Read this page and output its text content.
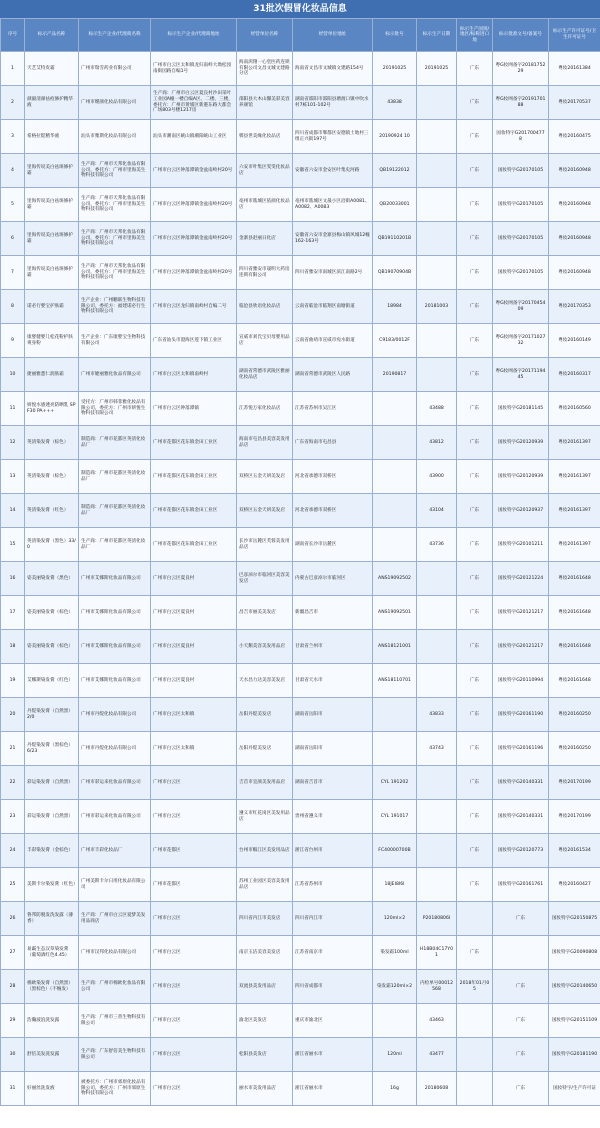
31批次假冒化妆品信息
序号	标示产品名称	标示生产企业/代理商名称	标示生产企业/代理商地址	经营单位名称	经营单位地址	标示批号	标示生产日期	标示生产国别/地区/标称进口地	标示批准文号/备案号	标示生产许可证号/卫生许可证号
1	天艺艾特皮霜	广州市瑞雪药业有限公司	广州市白云区太和镇龙归南岭大坳松园南街园路自编1号	海南鸿翔一心堂医药连锁有限公司文昌文城文建路分店	海南省文昌市文城镇文建路154号	20191025	20191025	广东	粤G妆网备字2018175229	粤妆20161384
2	颜毅清颜祛痘修护精华液	广州市嫒颜化妆品有限公司	生产商：广州市白云区夏良村沙田采叶工业园A幢一楼自编A区、二楼、三楼，委托方：广州市黄埔区新港东路大都会广场803号楼1217房	邵阳县大木山馨美彩美容养颜馆	湖南省邵阳市邵阳县塘渡口镇中吹水村7栋101-102号	43838		广东	粤G妆网备字2019170188	粤妆20170537
3	希格拉缇精华液	汕头市雅斯化妆品有限公司	汕头市潮南区峡山镇潮阳峡山工业区	郸县世美缘化妆品店	四川省成都市郸都区安德镇土地村三组正兴街197号	20190924 10		广东	国妆特字G2017004778	粤妆20160475
4	里海传说美白祛斑修护霜	生产商：广州市天邦化妆品有限公司，委托方：广州市里海美生物科技有限公司	广州市白云区钟落潭镇金盆南岭村20号	六安市叶集区雯雯化妆品店	安徽省六安市金安区叶集史河路	QB19122012		广东	国妆特字G20170105	粤妆20160948
5	里海传说美白祛斑修护霜	生产商：广州市天邦化妆品有限公司，委托方：广州市里海美生物科技有限公司	广州市白云区钟落潭镇金盆南岭村20号	亳州市谯城区依颜化妆品店	亳州市谯城区文晟小区沿街A0081、A0082、A0083	QB20033001		广东	国妆特字G20170105	粤妆20160948
6	里海传说美白祛斑修护霜	生产商：广州市天邦化妆品有限公司，委托方：广州市里海美生物科技有限公司	广州市白云区钟落潭镇金盆南岭村20号	金寨县赵丽日化店	安徽省六安市金寨县梅山镇风城12幢162-163号	QB19110201B		广东	国妆特字G20170105	粤妆20160948
7	里海传说美白祛斑修护霜	生产商：广州市天邦化妆品有限公司，委托方：广州市里海美生物科技有限公司	广州市白云区钟落潭镇金盆南岭村20号	四川省雅安市晟明大药房连锁有限公司	四川省雅安市雨城区滨江南路2号	QB19070904B		广东	国妆特字G20170105	粤妆20160948
8	诺必行婴宝护肤霜	生产企业：广州鹏联生物科技有限公司，委托方：福建诺必行生物科技有限公司	广州市白云区龙归镇南岭村自编二号	临沧县欣语化妆品店	云南省临沧市临翔区南塘街道	18984	20181003	广东	粤G妆网备字2017045409	粤妆20170353
9	康婴健婴儿松花粉护肤爽身粉	生产企业：广东康婴宝生物科技有限公司	广东省汕头市澄海区莲下镇工业区	宣威市刘氏宝贝母婴用品店	云南省曲靖市宣威市宛水街道	C9183/0012F		广东	粤G妆网备字2017102732	粤妆20160149
10	捷丽雅薏仁润肤霜	广州市婕丽雅化妆品有限公司	广州市白云区太和镇南岭村	湖南省常德市武陵区雅丽化妆品店	湖南省常德市武陵区人民路	20190817		广东	粤G妆网备字2017119445	粤妆20160317
11	妍悦水感透亮防晒乳 SPF30 PA+++	受托方：广州市韩菲雅化妆品有限公司，委托方：广州市妍悦生物科技有限公司	广州市白云区钟落潭镇	江苏悦万家化妆品店	江苏省苏州市吴江区		43488	广东	国妆特字G20181145	粤妆20160560
12	英清染发膏（棕色）	制造商：广州市花都区英清化妆品厂	广州市花都区花东镇金田工业区	海南市屯昌县美容美发用品店	广东省海南市屯昌县		43812	广东	国妆特字G20120939	粤妆20161397
13	英清染发膏（棕色）	制造商：广州市花都区英清化妆品厂	广州市花都区花东镇金田工业区	双桥区五金天妍美发店	河北省承德市双桥区		43900	广东	国妆特字G20120939	粤妆20161397
14	英清染发膏（红色）	制造商：广州市花都区英清化妆品厂	广州市花都区花东镇金田工业区	双桥区五金天妍美发店	河北省承德市双桥区		43104	广东	国妆特字G20120937	粤妆20161397
15	英清染发膏（黑色）33/0	生产商：广州市花都区英清化妆品厂	广州市花都区花东镇金田工业区	长沙市岳麓区芙蓉美发用品店	湖南省长沙市岳麓区		43736	广东	国妆特字G20101211	粤妆20161397
16	姿美丽染发膏（黑色）	广州市艾娜斯化妆品有限公司	广州市白云区夏良村	巴彦淖尔市临河区美容美发店	内蒙古巴彦淖尔市临河区	ANS19092502		广东	国妆特字G20121224	粤妆20161648
17	姿美丽染发膏（棕色）	广州市艾娜斯化妆品有限公司	广州市白云区夏良村	昌吉市丽美美发店	新疆昌吉市	ANS19092501		广东	国妆特字G20121217	粤妆20161648
18	姿美丽染发膏（棕色）	广州市艾娜斯化妆品有限公司	广州市白云区夏良村	小天鹅美容美发用品店	甘肃省兰州市	ANS18121001		广东	国妆特字G20121217	粤妆20161648
19	艾娜斯染发膏（红色）	广州市艾娜斯化妆品有限公司	广州市白云区夏良村	天水昌力达美容美发店	甘肃省天水市	ANS18110701		广东	国妆特字G20110994	粤妆20161648
20	丹缇染发膏（自然黑）2/0	广州市丹缇化妆品有限公司	广州市白云区太和镇	岳阳丹缇美发店	湖南省岳阳市		43833	广东	国妆特字G20161190	粤妆20160250
21	丹缇染发膏（黑棕色）6/23	广州市丹缇化妆品有限公司	广州市白云区太和镇	岳阳丹缇美发店	湖南省岳阳市		43743	广东	国妆特字G20161196	粤妆20160250
22	彩运染发膏（自然黑）	广州市彩运来化妆品有限公司	广州市白云区	吉首市宜颜美发用品店	湖南省吉首市	CYL 191202		广东	国妆特字G20140331	粤妆20170199
23	彩运染发膏（自然黑）	广州市彩运来化妆品有限公司	广州市白云区	遵义市红花岗区美发用品店	贵州省遵义市	CYL 191017		广东	国妆特字G20140331	粤妆20170199
24	丰彩染发膏（金棕色）	广州市丰彩化妆品厂	广州市花都区	台州市椒江区美发用品店	浙江省台州市	FC40000700B		广东	国妆特字G20120773	粤妆20161534
25	美斯卡尔染发膏（红色）	广州美斯卡尔日用化妆品有限公司	广州市花都区	苏州工业园区美容美发用品店	江苏省苏州市	18JEI8I6I		广东	国妆特字G20161761	粤妆20160427
26	鲁邦防脱发洗发露（薄香）	生产商：广州市白云区爱梦美发用品商店	广州市白云区	四川省内江市美发店	四川省内江市	120ml×2	P20180806I		广东	国妆特字G20150875
27	易霸生态汉草染发膏（葡萄酒红色4.45）	广州市汉邦化妆品有限公司	广州市白云区	南京玉洁美容美发店	江苏省南京市	染发霜100ml	H18B04C17Y01	广东		国妆特字G20090808
28	棉欧染发膏（自然黑）（黑棕色）（不缠发）	生产商：广州市棉欧化妆品有限公司	广州市白云区	双流县美发用品店	四川省成都市	染发霜120ml×2	内检单号00012568	2018年01月05	广东	国妆特字G20140650
29	浩瀚波浪洗发露	生产商：广州市三普生物科技有限公司	广州市白云区	渝北区美发店	重庆市渝北区		43463		广东	国妆特字G20151109
30	舒倍美发洗发露	生产商：广东舒倍美生物科技有限公司	广州市白云区	松阳县美发店	浙江省丽水市	120ml	43477		广东	国妆特字G20181190
31	好丽丝洗发液	被委托方：广州市郊原化妆品有限公司，委托方：广州市郊原生物科技有限公司	广州市白云区	丽水市美发用品店	浙江省丽水市	16g	20180608		广东	国妆特字/生产许可证
